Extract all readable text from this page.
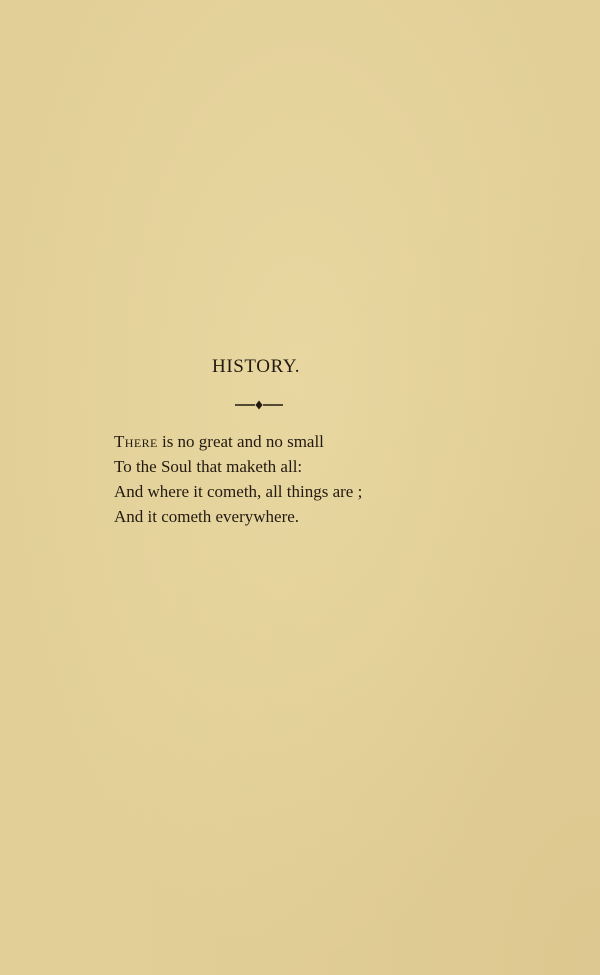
HISTORY.
There is no great and no small
To the Soul that maketh all:
And where it cometh, all things are ;
And it cometh everywhere.
